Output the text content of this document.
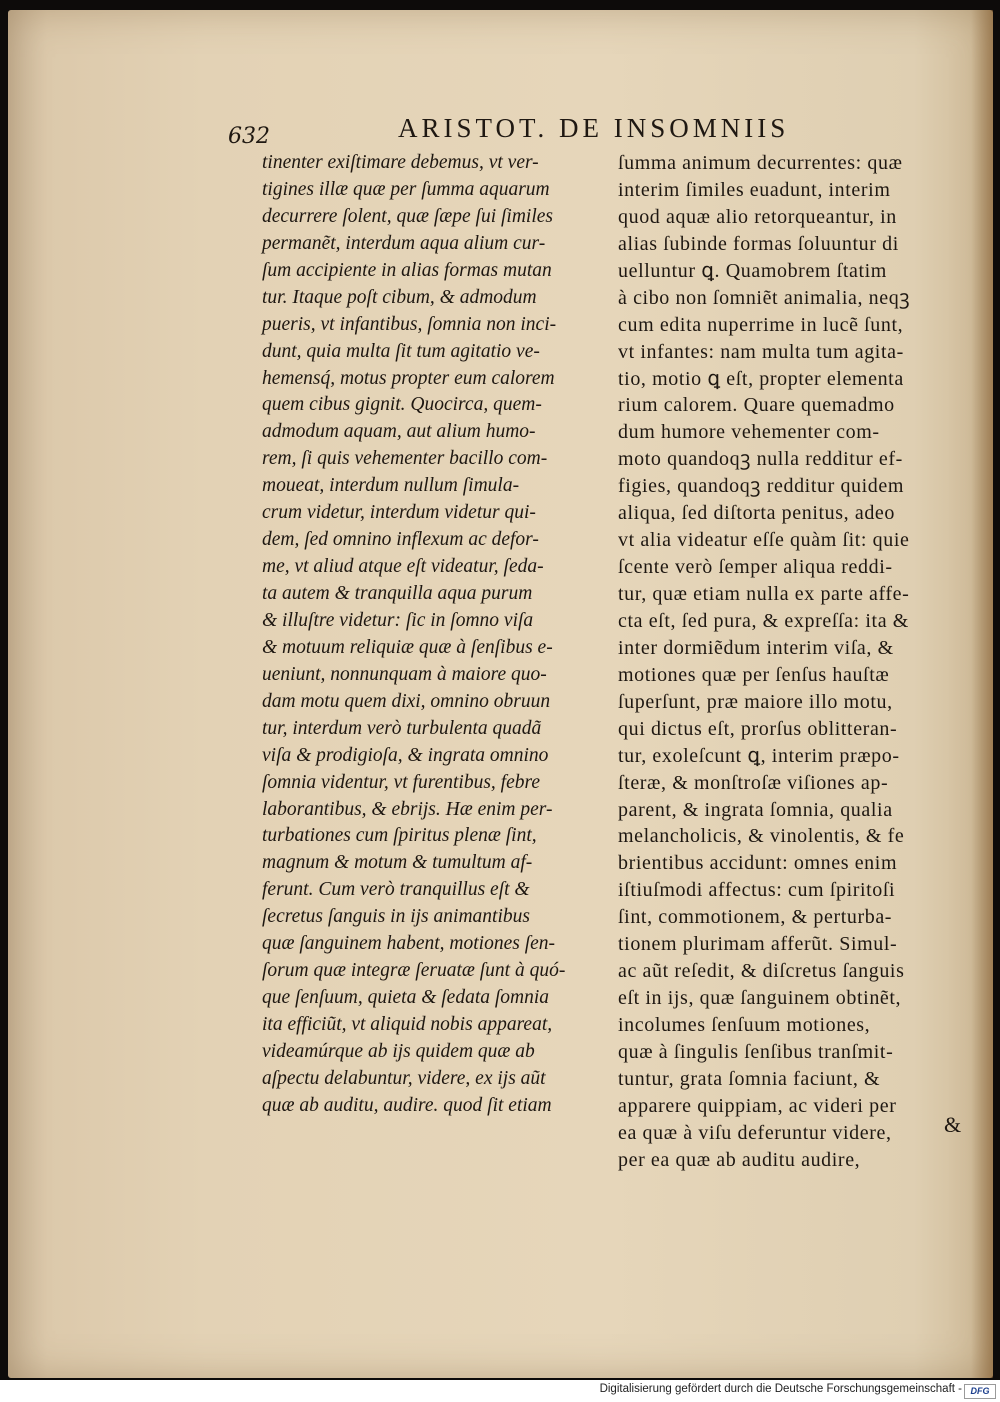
632	ARISTOT. DE INSOMNIIS
tinenter exiſtimare debemus, vt ver-
tigines illæ quæ per ſumma aquarum
decurrere ſolent, quæ ſæpe ſui ſimiles
permanẽt, interdum aqua alium cur-
ſum accipiente in alias formas mutan
tur. Itaque poſt cibum, & admodum
pueris, vt infantibus, ſomnia non inci-
dunt, quia multa ſit tum agitatio ve-
hemensq́, motus propter eum calorem
quem cibus gignit. Quocirca, quem-
admodum aquam, aut alium humo-
rem, ſi quis vehementer bacillo com-
moueat, interdum nullum ſimula-
crum videtur, interdum videtur qui-
dem, ſed omnino inflexum ac defor-
me, vt aliud atque eſt videatur, ſeda-
ta autem & tranquilla aqua purum
& illuſtre videtur: ſic in ſomno viſa
& motuum reliquiæ quæ à ſenſibus e-
ueniunt, nonnunquam à maiore quo-
dam motu quem dixi, omnino obruun
tur, interdum verò turbulenta quadã
viſa & prodigioſa, & ingrata omnino
ſomnia videntur, vt furentibus, febre
laborantibus, & ebrijs. Hæ enim per-
turbationes cum ſpiritus plenæ ſint,
magnum & motum & tumultum af-
ferunt. Cum verò tranquillus eſt &
ſecretus ſanguis in ijs animantibus
quæ ſanguinem habent, motiones ſen-
ſorum quæ integræ ſeruatæ ſunt à quó-
que ſenſuum, quieta & ſedata ſomnia
ita efficiũt, vt aliquid nobis appareat,
videamúrque ab ijs quidem quæ ab
aſpectu delabuntur, videre, ex ijs aũt
quæ ab auditu, audire. quod ſit etiam
ſumma animum decurrentes: quæ
interim ſimiles euadunt, interim
quod aquæ alio retorqueantur, in
alias ſubinde formas ſoluuntur di
uelluntur ꝗ. Quamobrem ſtatim
à cibo non ſomniẽt animalia, neqꝫ
cum edita nuperrime in lucẽ ſunt,
vt infantes: nam multa tum agita-
tio, motio ꝗ eſt, propter elementa
rium calorem. Quare quemadmo
dum humore vehementer com-
moto quandoqꝫ nulla redditur ef-
figies, quandoqꝫ redditur quidem
aliqua, ſed diſtorta penitus, adeo
vt alia videatur eſſe quàm ſit: quie
ſcente verò ſemper aliqua reddi-
tur, quæ etiam nulla ex parte affe-
cta eſt, ſed pura, & expreſſa: ita &
inter dormiẽdum interim viſa, &
motiones quæ per ſenſus hauſtæ
ſuperſunt, præ maiore illo motu,
qui dictus eſt, prorſus oblitteran-
tur, exoleſcunt ꝗ, interim præpo-
ſteræ, & monſtroſæ viſiones ap-
parent, & ingrata ſomnia, qualia
melancholicis, & vinolentis, & fe
brientibus accidunt: omnes enim
iſtiuſmodi affectus: cum ſpiritoſi
ſint, commotionem, & perturba-
tionem plurimam afferũt. Simul-
ac aũt reſedit, & diſcretus ſanguis
eſt in ijs, quæ ſanguinem obtinẽt,
incolumes ſenſuum motiones,
quæ à ſingulis ſenſibus tranſmit-
tuntur, grata ſomnia faciunt, &
apparere quippiam, ac videri per
ea quæ à viſu deferuntur videre,
per ea quæ ab auditu audire,
&
Digitalisierung gefördert durch die Deutsche Forschungsgemeinschaft - DFG
